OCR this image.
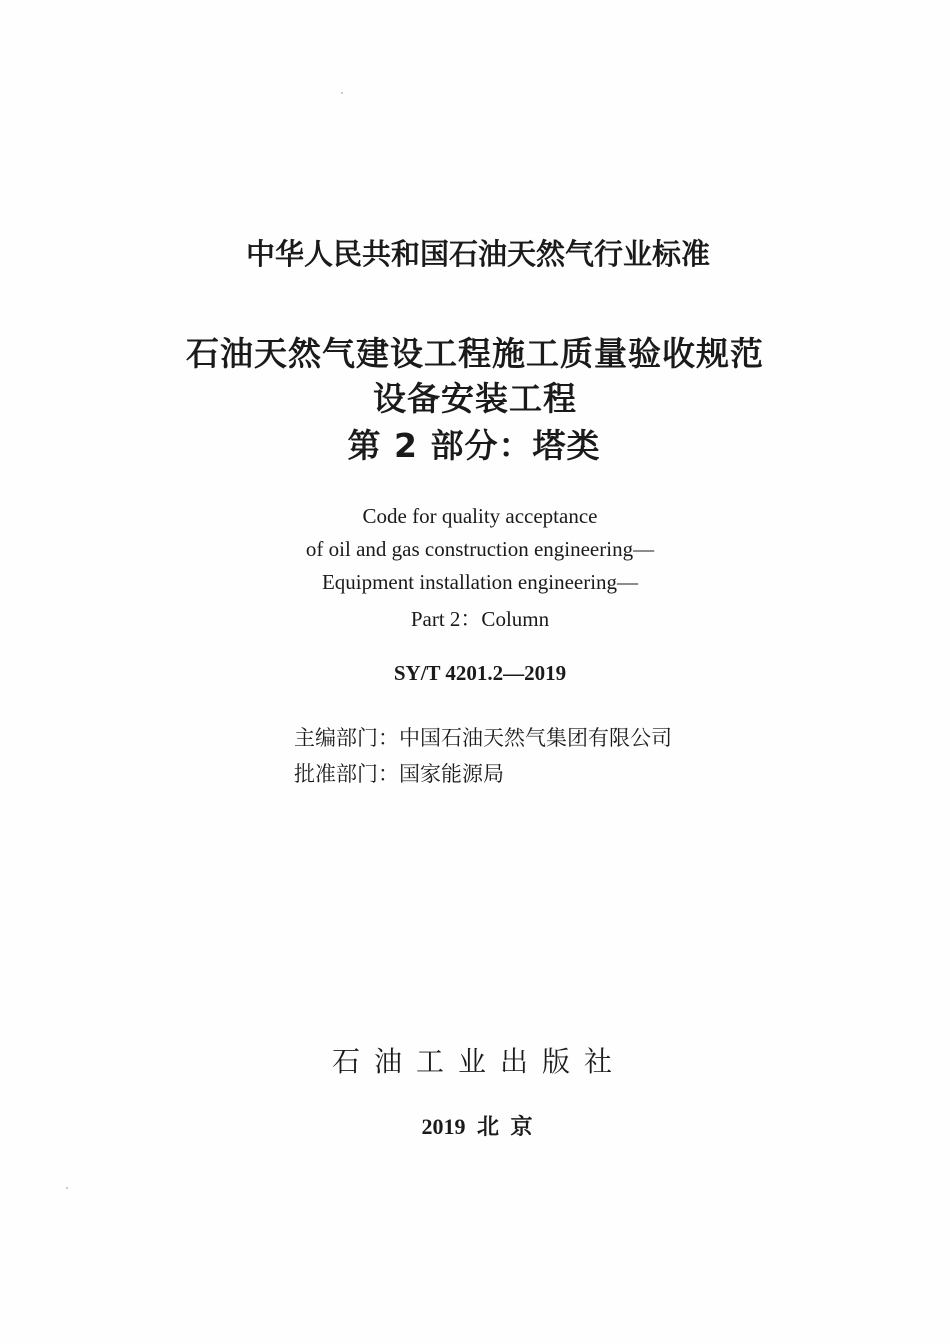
中华人民共和国石油天然气行业标准
石油天然气建设工程施工质量验收规范
设备安装工程
第 2 部分：塔类
Code for quality acceptance
of oil and gas construction engineering—
Equipment installation engineering—
Part 2：Column
SY/T 4201.2—2019
主编部门：中国石油天然气集团有限公司
批准部门：国家能源局
石油工业出版社
2019 北 京
